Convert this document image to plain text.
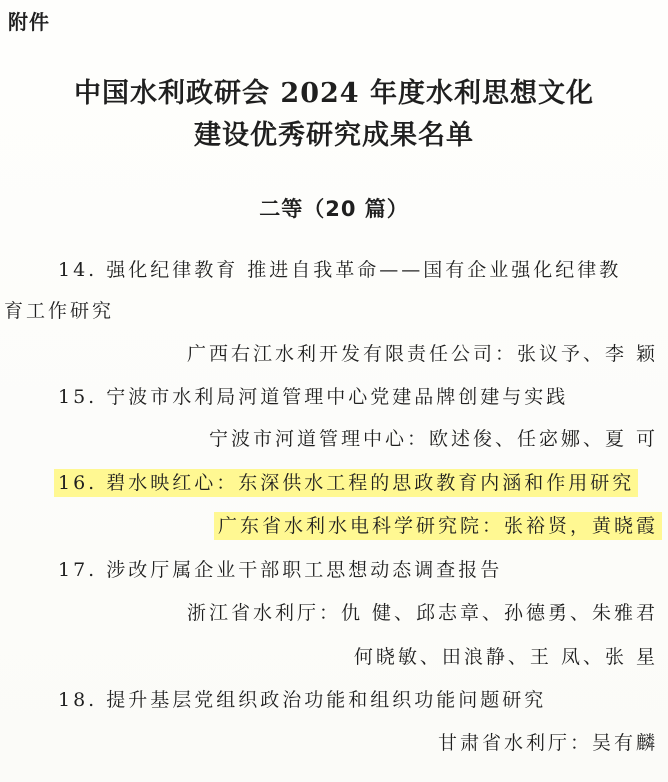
附件
中国水利政研会 2024 年度水利思想文化
建设优秀研究成果名单
二等（20 篇）
14. 强化纪律教育 推进自我革命——国有企业强化纪律教
育工作研究
广西右江水利开发有限责任公司：张议予、李 颖
15. 宁波市水利局河道管理中心党建品牌创建与实践
宁波市河道管理中心：欧述俊、任宓娜、夏 可
16. 碧水映红心：东深供水工程的思政教育内涵和作用研究
广东省水利水电科学研究院：张裕贤，黄晓霞
17. 涉改厅属企业干部职工思想动态调查报告
浙江省水利厅：仇 健、邱志章、孙德勇、朱雅君
何晓敏、田浪静、王 凤、张 星
18. 提升基层党组织政治功能和组织功能问题研究
甘肃省水利厅：吴有麟
